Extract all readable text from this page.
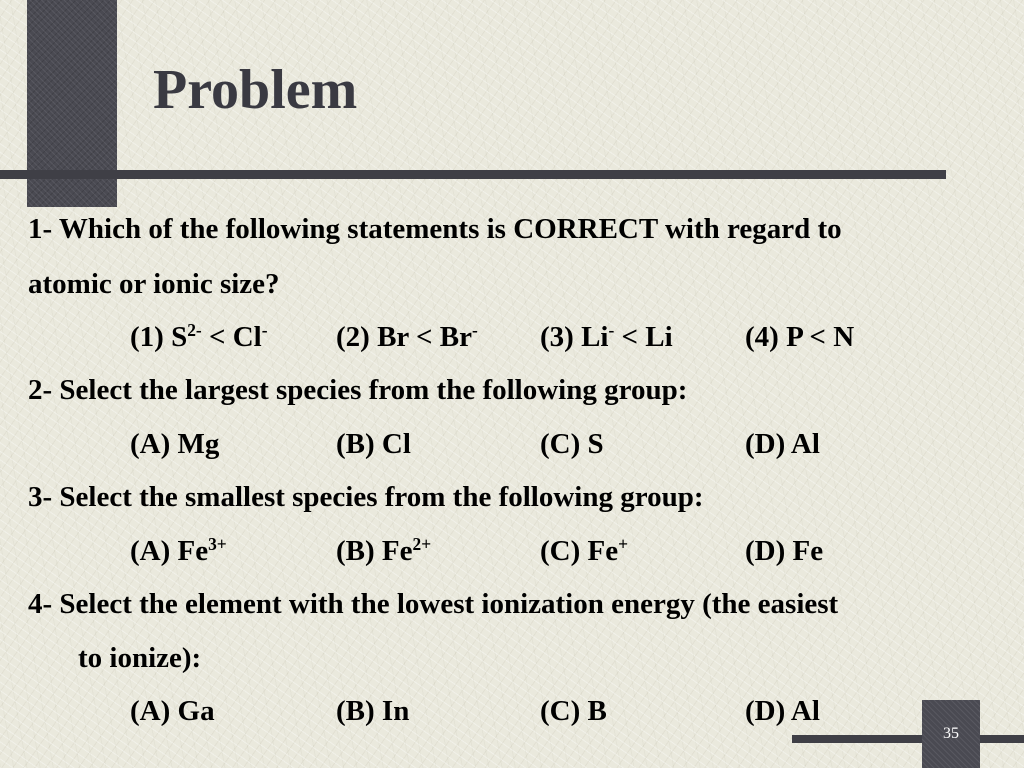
Problem
1- Which of the following statements is CORRECT with regard to
atomic or ionic size?
(1) $S^{2-} < Cl^-$ (2) Br < Br- (3) Li- < Li (4) P < N
2- Select the largest species from the following group:
(A) Mg	(B) Cl	(C) S	(D) Al
3- Select the smallest species from the following group:
(A) $Fe^{3+}$	(B) $Fe^{2+}$	(C) Fe+	(D) Fe
4- Select the element with the lowest ionization energy (the easiest
to ionize):
(A) Ga	(B) In	(C) B	(D) Al
35
